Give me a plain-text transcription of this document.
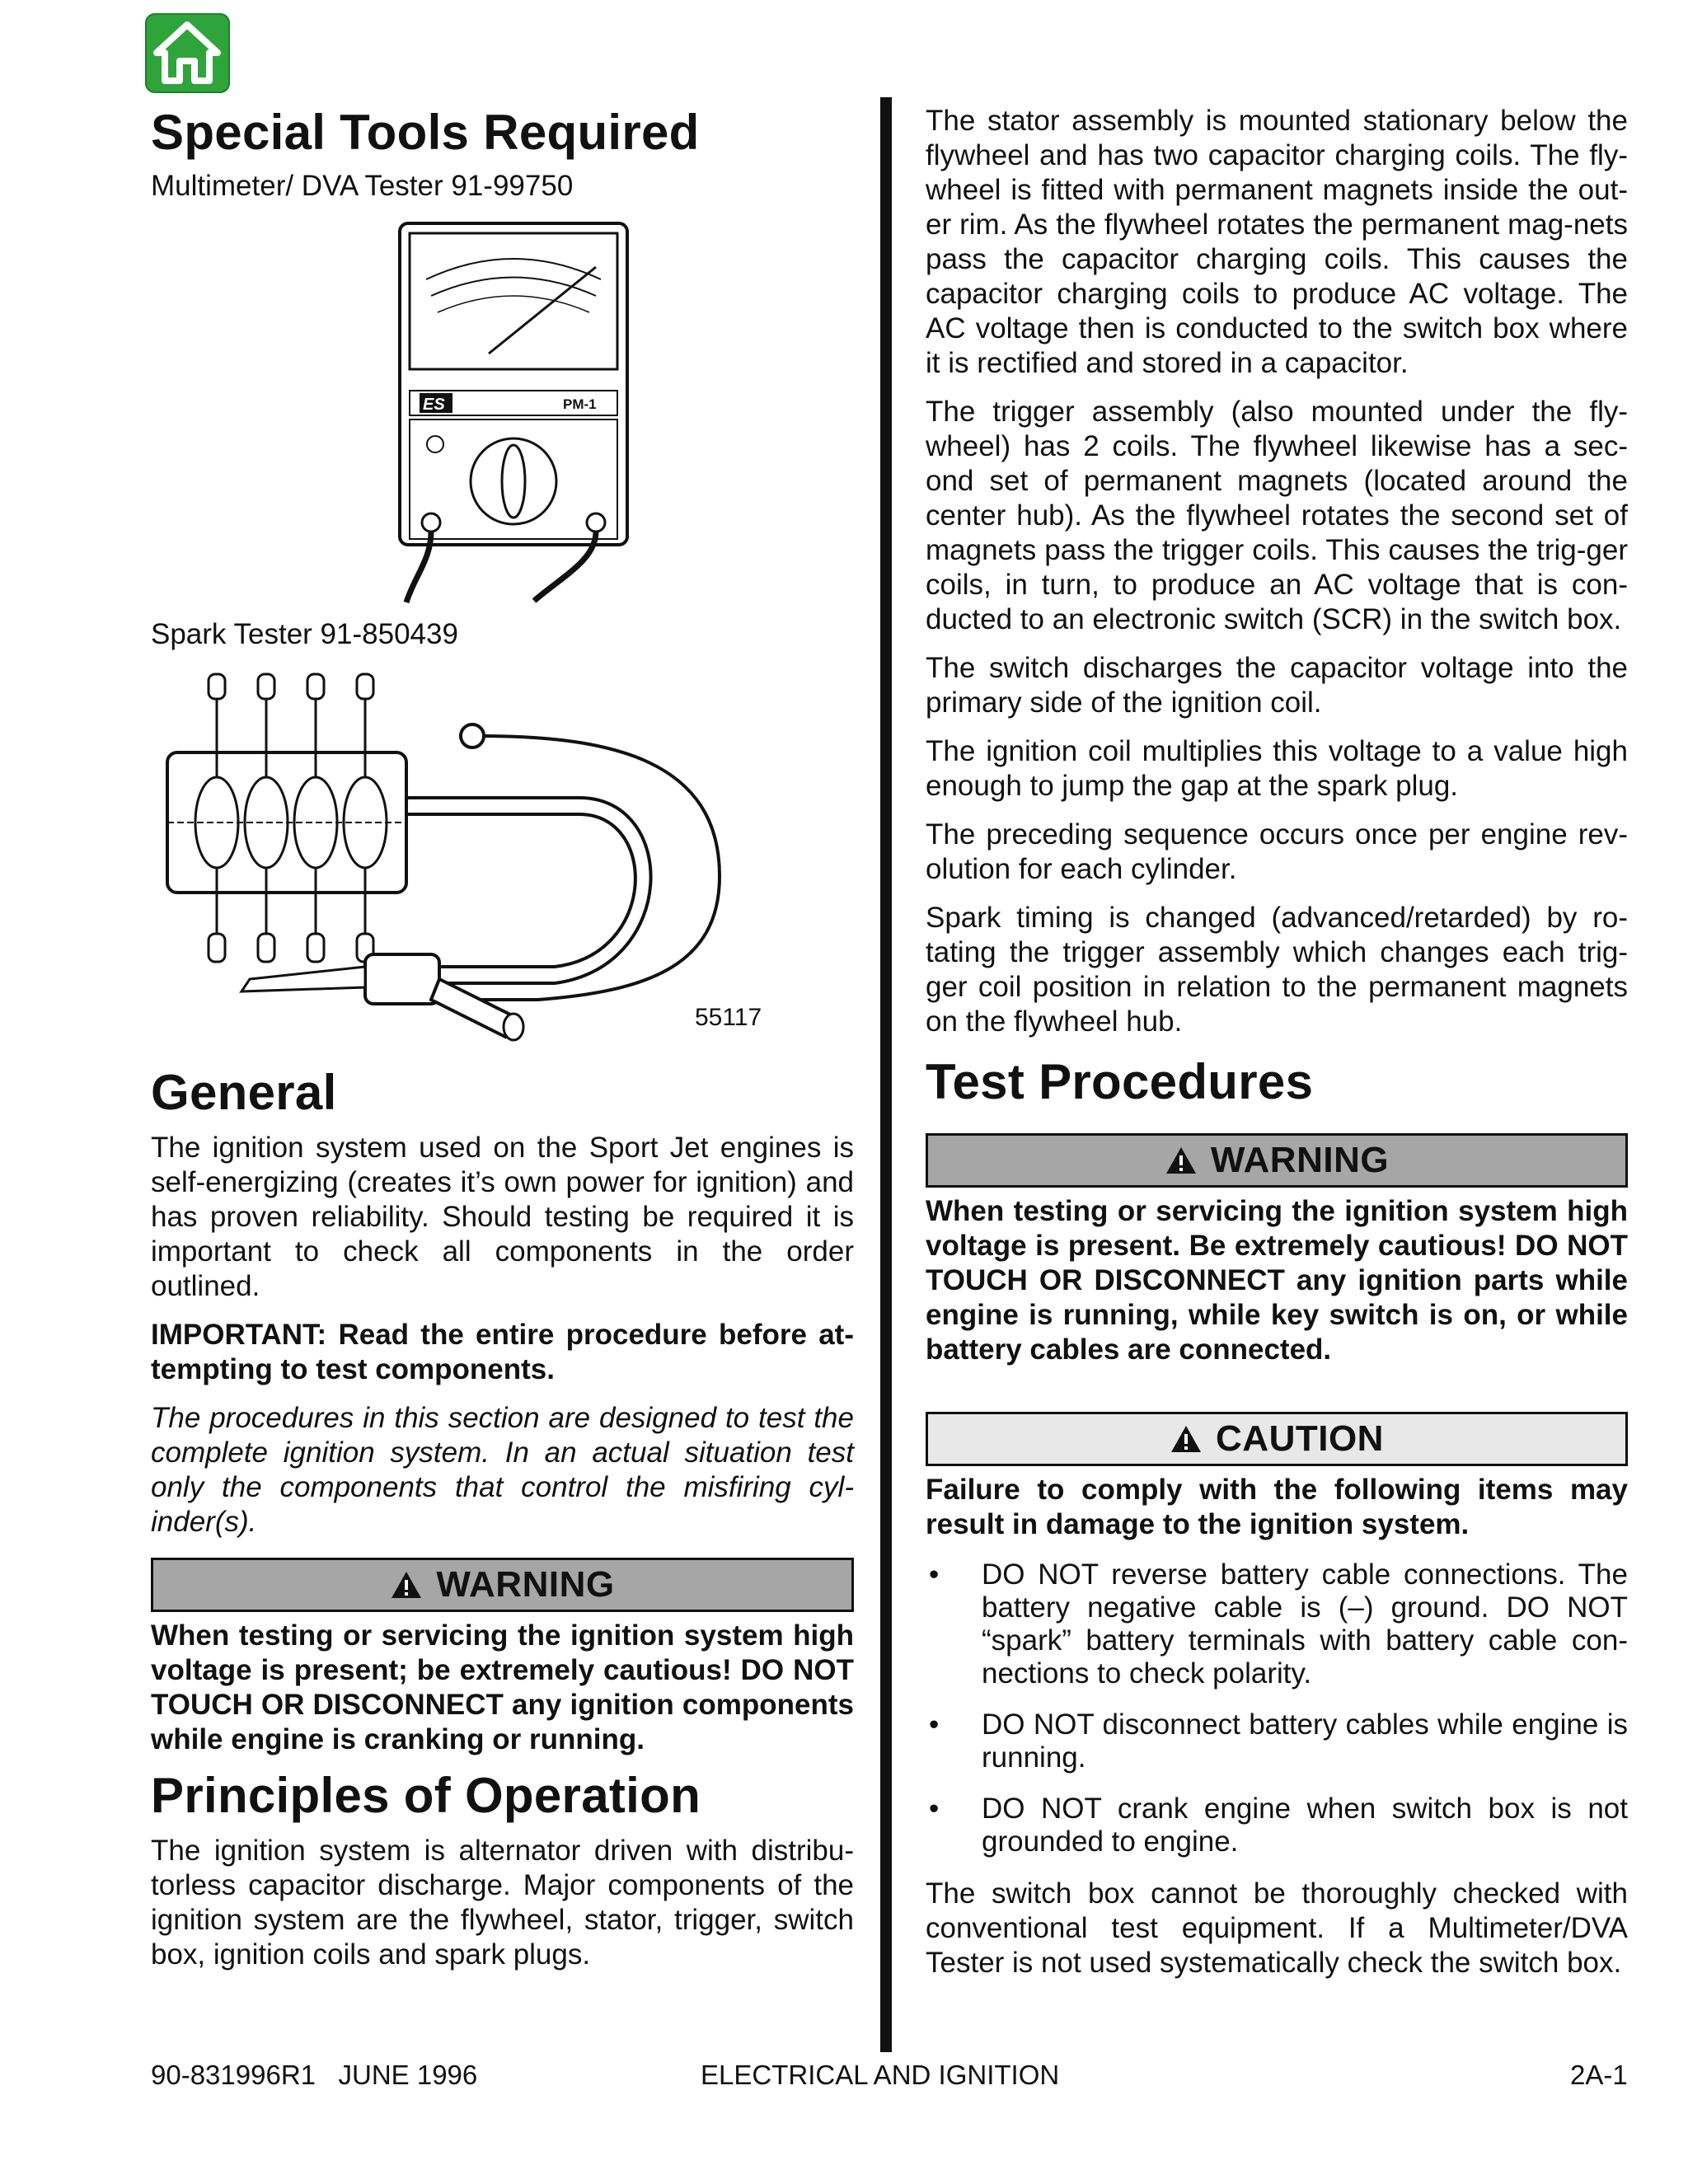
Special Tools Required

Multimeter/ DVA Tester 91-99750

ES	PM-1

Spark Tester 91-850439

55117
General

The ignition system used on the Sport Jet engines is self-energizing (creates it’s own power for ignition) and has proven reliability. Should testing be required it is important to check all components in the order outlined.

IMPORTANT: Read the entire procedure before at-tempting to test components.

The procedures in this section are designed to test the complete ignition system. In an actual situation test only the components that control the misfiring cyl-inder(s).

WARNING

When testing or servicing the ignition system high voltage is present; be extremely cautious! DO NOT TOUCH OR DISCONNECT any ignition components while engine is cranking or running.

Principles of Operation

The ignition system is alternator driven with distribu-torless capacitor discharge. Major components of the ignition system are the flywheel, stator, trigger, switch box, ignition coils and spark plugs.

The stator assembly is mounted stationary below the flywheel and has two capacitor charging coils. The fly-wheel is fitted with permanent magnets inside the out-er rim. As the flywheel rotates the permanent mag-nets pass the capacitor charging coils. This causes the capacitor charging coils to produce AC voltage. The AC voltage then is conducted to the switch box where it is rectified and stored in a capacitor.

The trigger assembly (also mounted under the fly-wheel) has 2 coils. The flywheel likewise has a sec-ond set of permanent magnets (located around the center hub). As the flywheel rotates the second set of magnets pass the trigger coils. This causes the trig-ger coils, in turn, to produce an AC voltage that is con-ducted to an electronic switch (SCR) in the switch box.

The switch discharges the capacitor voltage into the primary side of the ignition coil.

The ignition coil multiplies this voltage to a value high enough to jump the gap at the spark plug.

The preceding sequence occurs once per engine rev-olution for each cylinder.

Spark timing is changed (advanced/retarded) by ro-tating the trigger assembly which changes each trig-ger coil position in relation to the permanent magnets on the flywheel hub.

Test Procedures
WARNING

When testing or servicing the ignition system high voltage is present. Be extremely cautious! DO NOT TOUCH OR DISCONNECT any ignition parts while engine is running, while key switch is on, or while battery cables are connected.

CAUTION

Failure to comply with the following items may result in damage to the ignition system.

• DO NOT reverse battery cable connections. The battery negative cable is (–) ground. DO NOT “spark” battery terminals with battery cable con-nections to check polarity.
• DO NOT disconnect battery cables while engine is running.
• DO NOT crank engine when switch box is not grounded to engine.

The switch box cannot be thoroughly checked with conventional test equipment. If a Multimeter/DVA Tester is not used systematically check the switch box.

90-831996R1   JUNE 1996	ELECTRICAL AND IGNITION	2A-1
